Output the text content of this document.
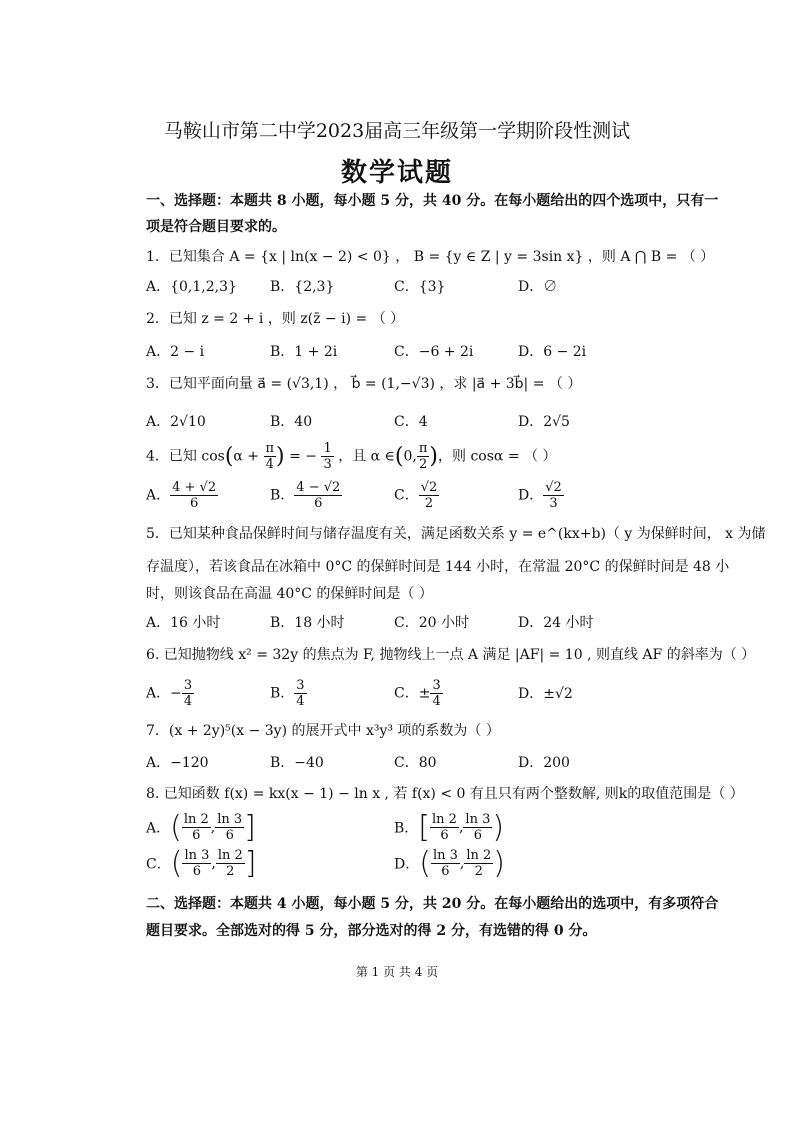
马鞍山市第二中学2023届高三年级第一学期阶段性测试
数学试题
一、选择题：本题共 8 小题，每小题 5 分，共 40 分。在每小题给出的四个选项中，只有一
项是符合题目要求的。
1．已知集合 A = {x | ln(x − 2) < 0} ， B = {y ∈ Z | y = 3sin x} ，则 A ⋂ B = （ ）
A．{0,1,2,3} B．{2,3}	C．{3}	D．∅
2．已知 z = 2 + i ，则 z(z̄ − i) = （ ）
A．2 − i	B．1 + 2i	C．−6 + 2i	D．6 − 2i
3．已知平面向量 a⃗ = (√3,1) ， b⃗ = (1,−√3) ，求 |a⃗ + 3b⃗| = （ ）
A．2√10	B．40	C．4	D．2√5
4．已知 $\cos(\alpha + \frac{\pi}{4}$ ) = − $\frac{1}{3}$ ，且 α ∈(0, $\frac{\pi}{2}$ )，则 cosα = （ ）
A． $\frac{4 + √2}{6}$	B． $\frac{4 - √2}{6}$	C． $\frac{√2}{2}$	D． $\frac{√2}{3}$
5．已知某种食品保鲜时间与储存温度有关，满足函数关系 y = e^(kx+b)（ y 为保鲜时间， x 为储
存温度），若该食品在冰箱中 0°C 的保鲜时间是 144 小时，在常温 20°C 的保鲜时间是 48 小
时，则该食品在高温 40°C 的保鲜时间是（ ）
A．16 小时	B．18 小时	C．20 小时	D．24 小时
6. 已知抛物线 x² = 32y 的焦点为 F, 抛物线上一点 A 满足 |AF| = 10 , 则直线 AF 的斜率为（ ）
A．− $\frac{3}{4}$	B． $\frac{3}{4}$	C．± $\frac{3}{4}$	D．±√2
7．(x + 2y)⁵(x − 3y) 的展开式中 x³y³ 项的系数为（ ）
A．−120	B．−40	C．80	D．200
8. 已知函数 f(x) = kx(x − 1) − ln x , 若 f(x) < 0 有且只有两个整数解, 则k的取值范围是（ ）
A．( $\frac{\ln 2}{6}$ , $\frac{\ln 3}{6}$ ]	B．[ $\frac{\ln 2}{6}$ , $\frac{\ln 3}{6}$ )
C．( $\frac{\ln 3}{6}$ , $\frac{\ln 2}{2}$ ]	D．( $\frac{\ln 3}{6}$ , $\frac{\ln 2}{2}$ )
二、选择题：本题共 4 小题，每小题 5 分，共 20 分。在每小题给出的选项中，有多项符合
题目要求。全部选对的得 5 分，部分选对的得 2 分，有选错的得 0 分。
第 1 页 共 4 页
